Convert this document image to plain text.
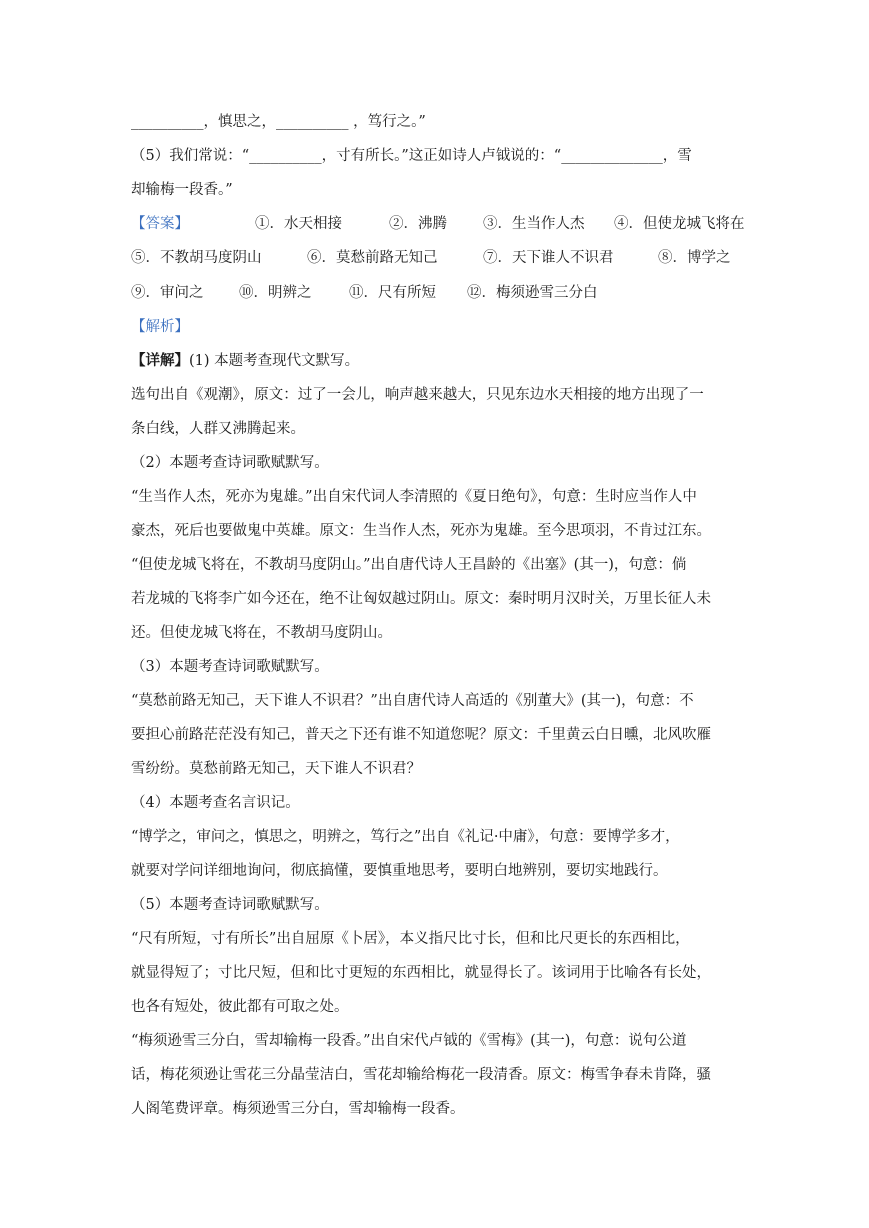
__________，慎思之，__________ ，笃行之。”
（5）我们常说：“__________，寸有所长。”这正如诗人卢钺说的：“______________，雪
却输梅一段香。”
【答案】	①．水天相接	②．沸腾 ③．生当作人杰 ④．但使龙城飞将在
⑤．不教胡马度阴山	⑥．莫愁前路无知己	⑦．天下谁人不识君	⑧．博学之
⑨．审问之 ⑩．明辨之	⑪．尺有所短 ⑫．梅须逊雪三分白
【解析】
【详解】(1) 本题考查现代文默写。
选句出自《观潮》，原文：过了一会儿，响声越来越大，只见东边水天相接的地方出现了一
条白线，人群又沸腾起来。
（2）本题考查诗词歌赋默写。
“生当作人杰，死亦为鬼雄。”出自宋代词人李清照的《夏日绝句》，句意：生时应当作人中
豪杰，死后也要做鬼中英雄。原文：生当作人杰，死亦为鬼雄。至今思项羽，不肯过江东。
“但使龙城飞将在，不教胡马度阴山。”出自唐代诗人王昌龄的《出塞》(其一)，句意：倘
若龙城的飞将李广如今还在，绝不让匈奴越过阴山。原文：秦时明月汉时关，万里长征人未
还。但使龙城飞将在，不教胡马度阴山。
（3）本题考查诗词歌赋默写。
“莫愁前路无知己，天下谁人不识君？”出自唐代诗人高适的《别董大》(其一)，句意：不
要担心前路茫茫没有知己，普天之下还有谁不知道您呢？原文：千里黄云白日曛，北风吹雁
雪纷纷。莫愁前路无知己，天下谁人不识君？
（4）本题考查名言识记。
“博学之，审问之，慎思之，明辨之，笃行之”出自《礼记·中庸》，句意：要博学多才，
就要对学问详细地询问，彻底搞懂，要慎重地思考，要明白地辨别，要切实地践行。
（5）本题考查诗词歌赋默写。
“尺有所短，寸有所长”出自屈原《卜居》，本义指尺比寸长，但和比尺更长的东西相比，
就显得短了；寸比尺短，但和比寸更短的东西相比，就显得长了。该词用于比喻各有长处，
也各有短处，彼此都有可取之处。
“梅须逊雪三分白，雪却输梅一段香。”出自宋代卢钺的《雪梅》(其一)，句意：说句公道
话，梅花须逊让雪花三分晶莹洁白，雪花却输给梅花一段清香。原文：梅雪争春未肯降，骚
人阁笔费评章。梅须逊雪三分白，雪却输梅一段香。
